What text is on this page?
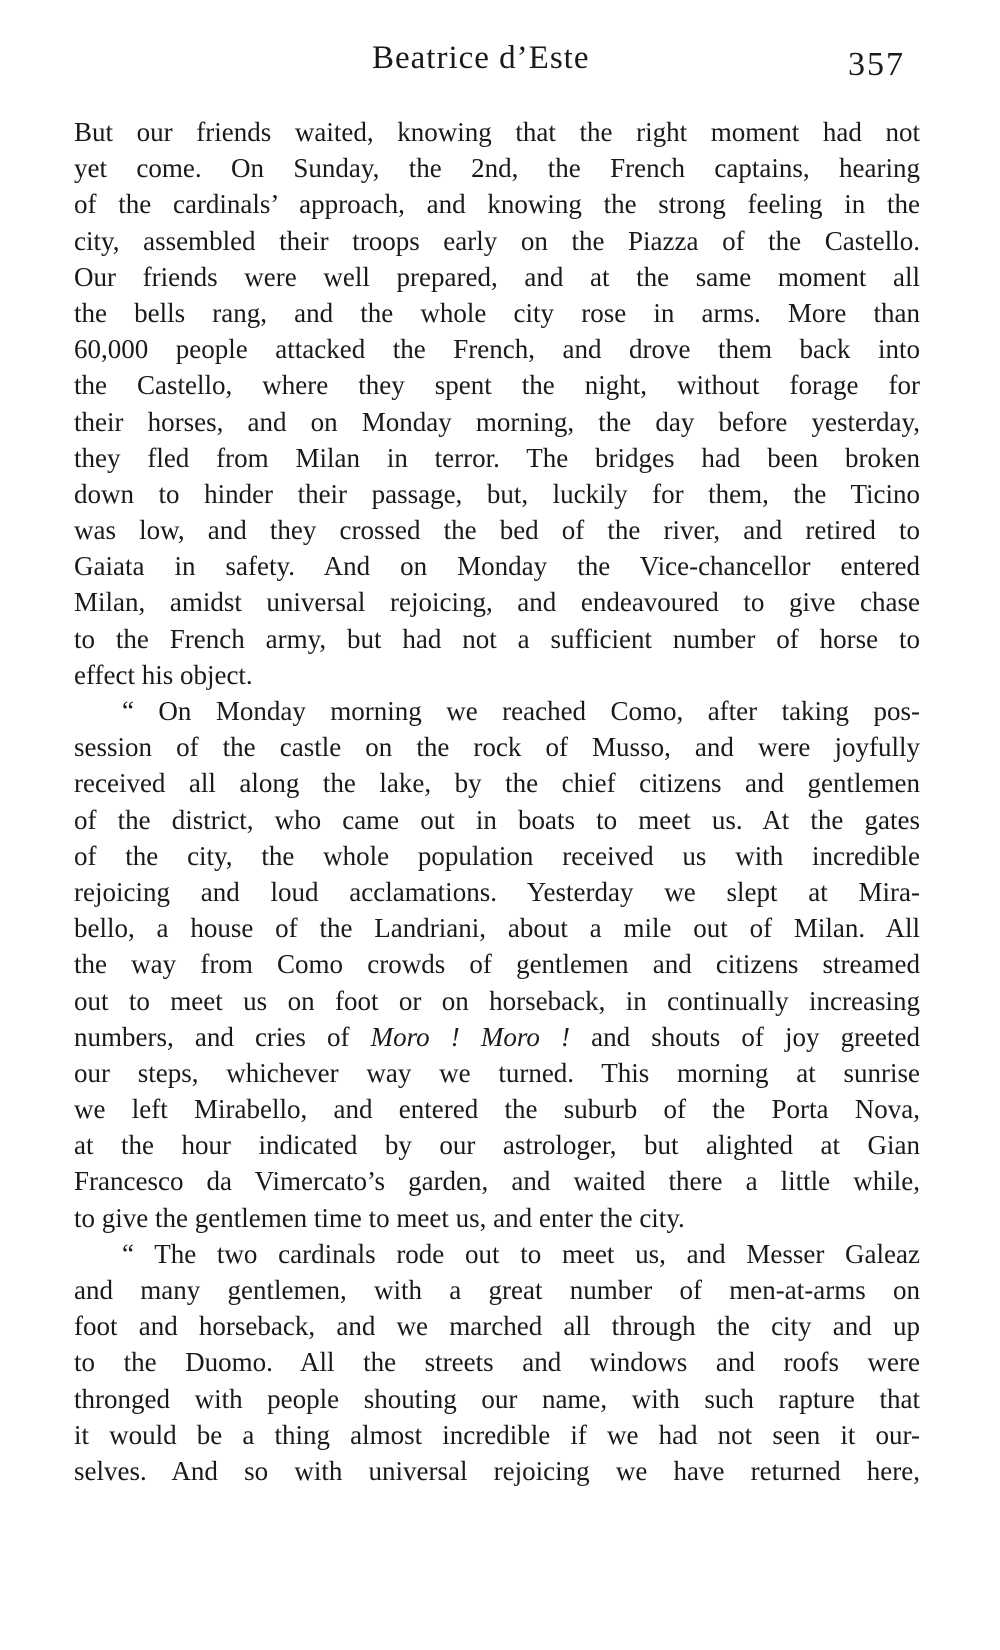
Beatrice d’Este	357
But our friends waited, knowing that the right moment had not
yet come. On Sunday, the 2nd, the French captains, hearing
of the cardinals’ approach, and knowing the strong feeling in the
city, assembled their troops early on the Piazza of the Castello.
Our friends were well prepared, and at the same moment all
the bells rang, and the whole city rose in arms. More than
60,000 people attacked the French, and drove them back into
the Castello, where they spent the night, without forage for
their horses, and on Monday morning, the day before yesterday,
they fled from Milan in terror. The bridges had been broken
down to hinder their passage, but, luckily for them, the Ticino
was low, and they crossed the bed of the river, and retired to
Gaiata in safety. And on Monday the Vice-chancellor entered
Milan, amidst universal rejoicing, and endeavoured to give chase
to the French army, but had not a sufficient number of horse to
effect his object.
“ On Monday morning we reached Como, after taking pos-
session of the castle on the rock of Musso, and were joyfully
received all along the lake, by the chief citizens and gentlemen
of the district, who came out in boats to meet us. At the gates
of the city, the whole population received us with incredible
rejoicing and loud acclamations. Yesterday we slept at Mira-
bello, a house of the Landriani, about a mile out of Milan. All
the way from Como crowds of gentlemen and citizens streamed
out to meet us on foot or on horseback, in continually increasing
numbers, and cries of Moro ! Moro ! and shouts of joy greeted
our steps, whichever way we turned. This morning at sunrise
we left Mirabello, and entered the suburb of the Porta Nova,
at the hour indicated by our astrologer, but alighted at Gian
Francesco da Vimercato’s garden, and waited there a little while,
to give the gentlemen time to meet us, and enter the city.
“ The two cardinals rode out to meet us, and Messer Galeaz
and many gentlemen, with a great number of men-at-arms on
foot and horseback, and we marched all through the city and up
to the Duomo. All the streets and windows and roofs were
thronged with people shouting our name, with such rapture that
it would be a thing almost incredible if we had not seen it our-
selves. And so with universal rejoicing we have returned here,
